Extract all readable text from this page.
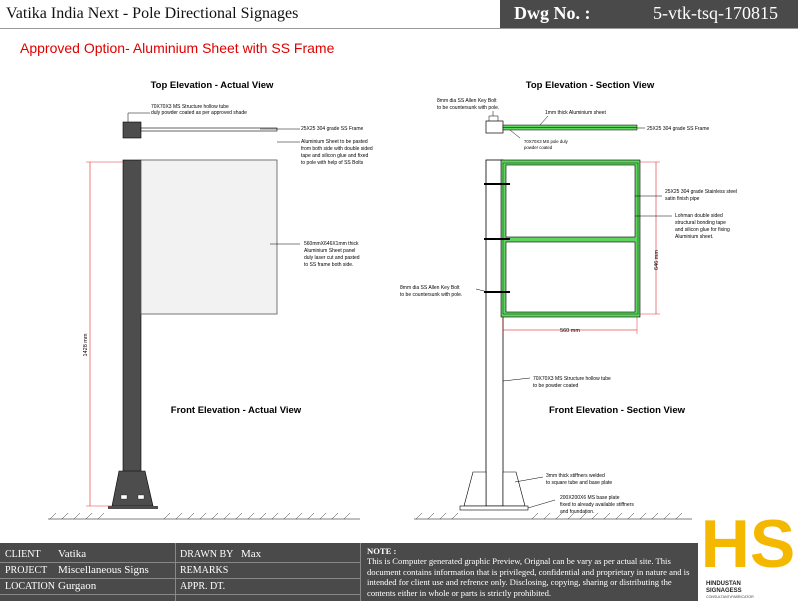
Vatika India Next - Pole Directional Signages	Dwg No. :	5-vtk-tsq-170815
Approved Option- Aluminium Sheet with SS Frame
Top Elevation - Actual View
70X70X3 MS Structure hollow tube
duly powder coated as per approved shade
25X25 304 grade SS Frame
Aluminium Sheet to be pasted
from both side with double sided
tape and silicon glue and fixed
to pole with help of SS Bolts
1428 mm
560mmX646X1mm thick
Aluminium Sheet panel
duly laser cut and pasted
to SS frame both side.
Front Elevation - Actual View
Top Elevation - Section View
8mm dia SS Allen Key Bolt
to be countersunk with pole.
1mm thick Aluminium sheet
25X25 304 grade SS Frame
70X70X3 MS pole duly
powder coated
560 mm
646 mm
25X25 304 grade Stainless steel
satin finish pipe
Lohman double sided
structural bonding tape
and silicon glue for fixing
Aluminium sheet.
8mm dia SS Allen Key Bolt
to be countersunk with pole.
70X70X3 MS Structure hollow tube
to be powder coated
Front Elevation - Section View
3mm thick stiffners welded
to square tube and base plate
200X200X6 MS base plate
fixed to already available stiffners
and foundation.
CLIENT Vatika	DRAWN BY Max
PROJECT Miscellaneous Signs	REMARKS
LOCATION Gurgaon	APPR. DT.
NOTE :
This is Computer generated graphic Preview, Orignal can be vary as per actual site. This document contains information that is privileged, confidential and proprietary in nature and is intended for client use and refrence only. Disclosing, copying, sharing or distributing the contents either in whole or parts is strictly prohibited.
HS
HINDUSTAN
SIGNAGESS
CONSULTANT•FABRICATOR
